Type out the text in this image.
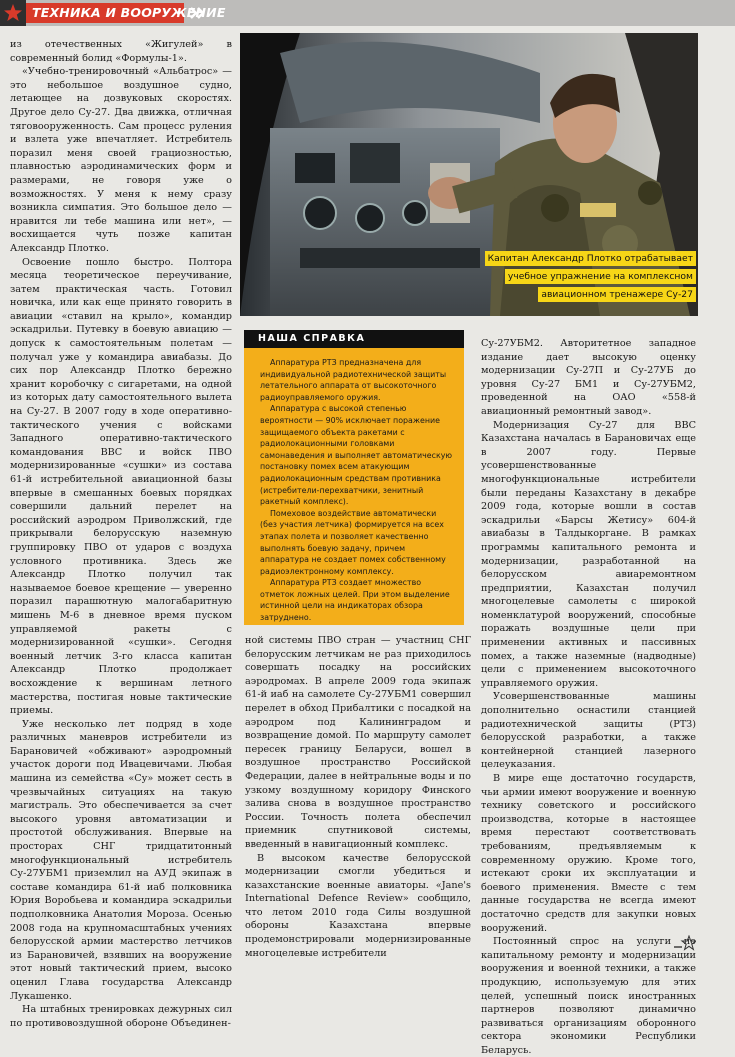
ТЕХНИКА И ВООРУЖЕНИЕ
Капитан Александр Плотко отрабатывает
учебное упражнение на комплексном
авиационном тренажере Су-27

из отечественных «Жигулей» в современный болид «Формулы-1».

«Учебно-тренировочный «Альбатрос» — это небольшое воздушное судно, летающее на дозвуковых скоростях. Другое дело Су-27. Два движка, отличная тяговооруженность. Сам процесс руления и взлета уже впечатляет. Истребитель поразил меня своей грациозностью, плавностью аэродинамических форм и размерами, не говоря уже о возможностях. У меня к нему сразу возникла симпатия. Это большое дело — нравится ли тебе машина или нет», — восхищается чуть позже капитан Александр Плотко.

Освоение пошло быстро. Полтора месяца теоретическое переучивание, затем практическая часть. Готовил новичка, или как еще принято говорить в авиации «ставил на крыло», командир эскадрильи. Путевку в боевую авиацию — допуск к самостоятельным полетам — получал уже у командира авиабазы. До сих пор Александр Плотко бережно хранит коробочку с сигаретами, на одной из которых дату самостоятельного вылета на Су-27. В 2007 году в ходе оперативно-тактического учения с войсками Западного оперативно-тактического командования ВВС и войск ПВО модернизированные «сушки» из состава 61-й истребительной авиационной базы впервые в смешанных боевых порядках совершили дальний перелет на российский аэродром Приволжский, где прикрывали белорусскую наземную группировку ПВО от ударов с воздуха условного противника. Здесь же Александр Плотко получил так называемое боевое крещение — уверенно поразил парашютную малогабаритную мишень М-6 в дневное время пуском управляемой ракеты с модернизированной «сушки». Сегодня военный летчик 3-го класса капитан Александр Плотко продолжает восхождение к вершинам летного мастерства, постигая новые тактические приемы.

Уже несколько лет подряд в ходе различных маневров истребители из Барановичей «обживают» аэродромный участок дороги под Ивацевичами. Любая машина из семейства «Су» может сесть в чрезвычайных ситуациях на такую магистраль. Это обеспечивается за счет высокого уровня автоматизации и простотой обслуживания. Впервые на просторах СНГ тридцатитонный многофункциональный истребитель Су-27УБМ1 приземлил на АУД экипаж в составе командира 61-й иаб полковника Юрия Воробьева и командира эскадрильи подполковника Анатолия Мороза. Осенью 2008 года на крупномасштабных учениях белорусской армии мастерство летчиков из Барановичей, взявших на вооружение этот новый тактический прием, высоко оценил Глава государства Александр Лукашенко.

На штабных тренировках дежурных сил по противовоздушной обороне Объединен-

НАША СПРАВКА

Аппаратура РТЗ предназначена для индивидуальной радиотехнической защиты летательного аппарата от высокоточного радиоуправляемого оружия.

Аппаратура с высокой степенью вероятности — 90% исключает поражение защищаемого объекта ракетами с радиолокационными головками самонаведения и выполняет автоматическую постановку помех всем атакующим радиолокационным средствам противника (истребители-перехватчики, зенитный ракетный комплекс).

Помеховое воздействие автоматически (без участия летчика) формируется на всех этапах полета и позволяет качественно выполнять боевую задачу, причем аппаратура не создает помех собственному радиоэлектронному комплексу.

Аппаратура РТЗ создает множество отметок ложных целей. При этом выделение истинной цели на индикаторах обзора затруднено.

ной системы ПВО стран — участниц СНГ белорусским летчикам не раз приходилось совершать посадку на российских аэродромах. В апреле 2009 года экипаж 61-й иаб на самолете Су-27УБМ1 совершил перелет в обход Прибалтики с посадкой на аэродром под Калининградом и возвращение домой. По маршруту самолет пересек границу Беларуси, вошел в воздушное пространство Российской Федерации, далее в нейтральные воды и по узкому воздушному коридору Финского залива снова в воздушное пространство России. Точность полета обеспечил приемник спутниковой системы, введенный в навигационный комплекс.

В высоком качестве белорусской модернизации смогли убедиться и казахстанские военные авиаторы. «Jane's International Defence Review» сообщило, что летом 2010 года Силы воздушной обороны Казахстана впервые продемонстрировали модернизированные многоцелевые истребители

Су-27УБМ2. Авторитетное западное издание дает высокую оценку модернизации Су-27П и Су-27УБ до уровня Су-27 БМ1 и Су-27УБМ2, проведенной на ОАО «558-й авиационный ремонтный завод».

Модернизация Су-27 для ВВС Казахстана началась в Барановичах еще в 2007 году. Первые усовершенствованные многофункциональные истребители были переданы Казахстану в декабре 2009 года, которые вошли в состав эскадрильи «Барсы Жетису» 604-й авиабазы в Талдыкоргане. В рамках программы капитального ремонта и модернизации, разработанной на белорусском авиаремонтном предприятии, Казахстан получил многоцелевые самолеты с широкой номенклатурой вооружений, способные поражать воздушные цели при применении активных и пассивных помех, а также наземные (надводные) цели с применением высокоточного управляемого оружия.

Усовершенствованные машины дополнительно оснастили станцией радиотехнической защиты (РТЗ) белорусской разработки, а также контейнерной станцией лазерного целеуказания.

В мире еще достаточно государств, чьи армии имеют вооружение и военную технику советского и российского производства, которые в настоящее время перестают соответствовать требованиям, предъявляемым к современному оружию. Кроме того, истекают сроки их эксплуатации и боевого применения. Вместе с тем данные государства не всегда имеют достаточно средств для закупки новых вооружений.

Постоянный спрос на услуги по капитальному ремонту и модернизации вооружения и военной техники, а также продукцию, используемую для этих целей, успешный поиск иностранных партнеров позволяют динамично развиваться организациям оборонного сектора экономики Республики Беларусь.
